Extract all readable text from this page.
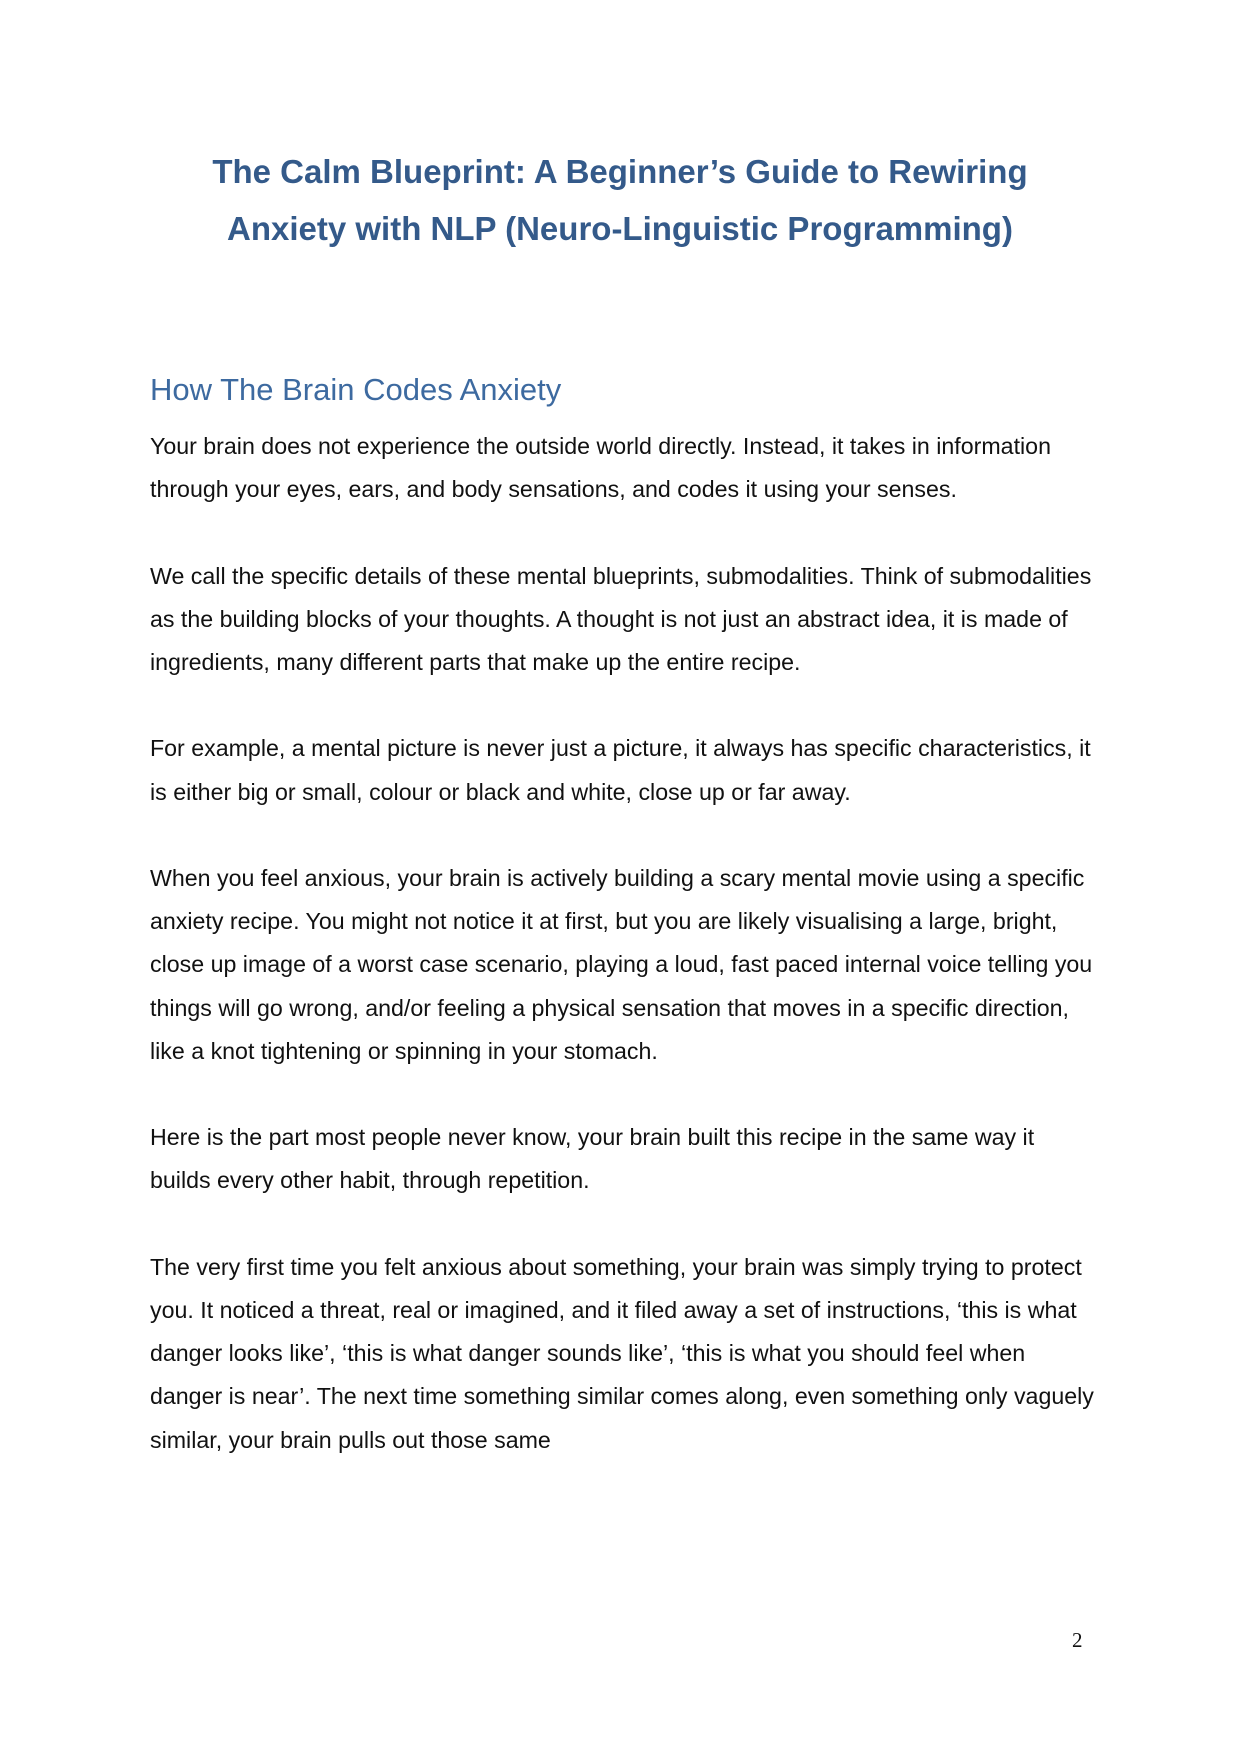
The Calm Blueprint: A Beginner’s Guide to Rewiring
Anxiety with NLP (Neuro-Linguistic Programming)
How The Brain Codes Anxiety

Your brain does not experience the outside world directly. Instead, it takes in information through your eyes, ears, and body sensations, and codes it using your senses.

We call the specific details of these mental blueprints, submodalities. Think of submodalities as the building blocks of your thoughts. A thought is not just an abstract idea, it is made of ingredients, many different parts that make up the entire recipe.

For example, a mental picture is never just a picture, it always has specific characteristics, it is either big or small, colour or black and white, close up or far away.

When you feel anxious, your brain is actively building a scary mental movie using a specific anxiety recipe. You might not notice it at first, but you are likely visualising a large, bright, close up image of a worst case scenario, playing a loud, fast paced internal voice telling you things will go wrong, and/or feeling a physical sensation that moves in a specific direction, like a knot tightening or spinning in your stomach.

Here is the part most people never know, your brain built this recipe in the same way it builds every other habit, through repetition.

The very first time you felt anxious about something, your brain was simply trying to protect you. It noticed a threat, real or imagined, and it filed away a set of instructions, ‘this is what danger looks like’, ‘this is what danger sounds like’, ‘this is what you should feel when danger is near’. The next time something similar comes along, even something only vaguely similar, your brain pulls out those same

2
